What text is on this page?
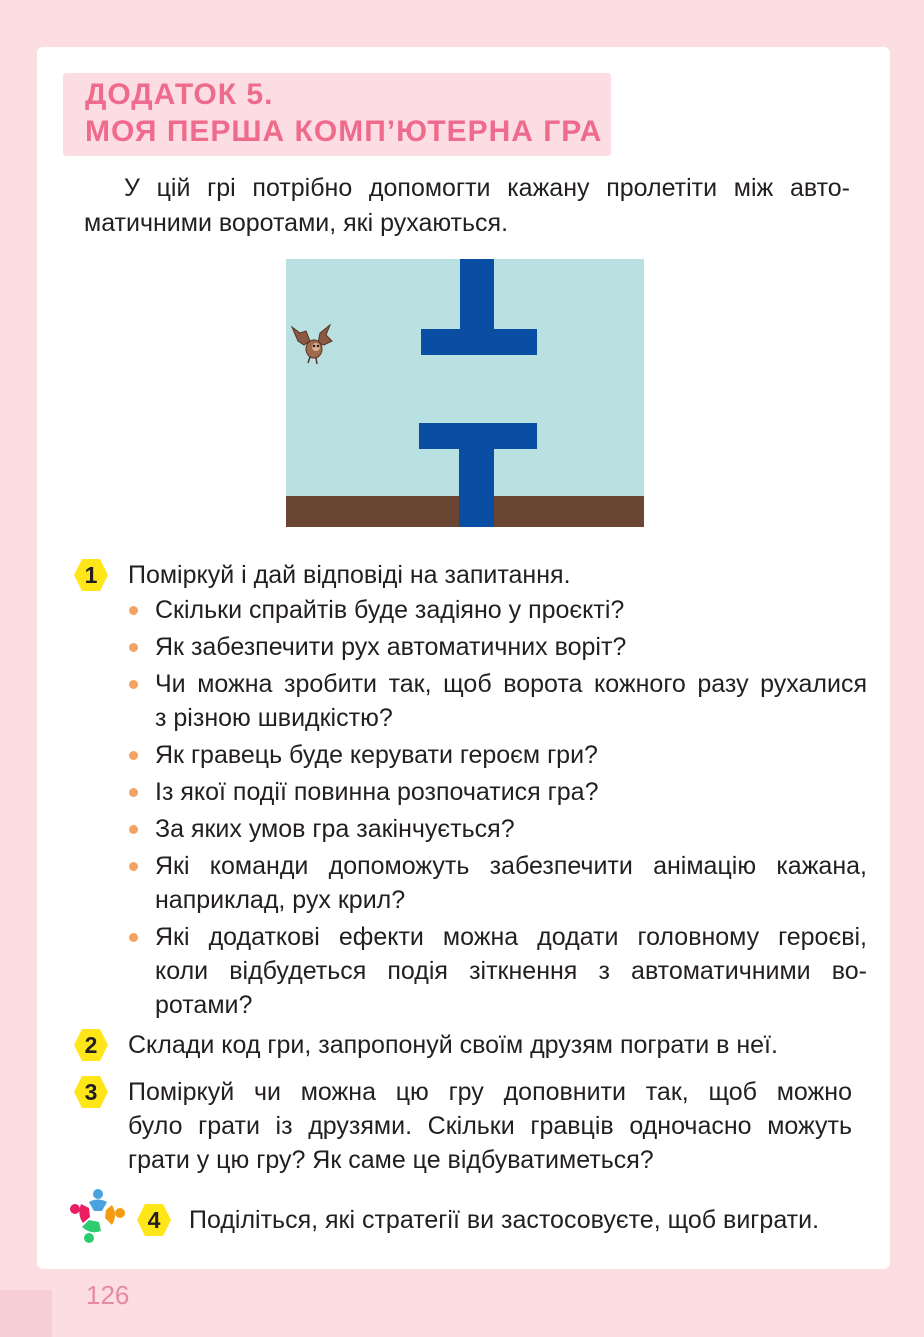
ДОДАТОК 5.
МОЯ ПЕРША КОМП’ЮТЕРНА ГРА
У цій грі потрібно допомогти кажану пролетіти між авто-
матичними воротами, які рухаються.
1	Поміркуй і дай відповіді на запитання.
Скільки спрайтів буде задіяно у проєкті?
Як забезпечити рух автоматичних воріт?
Чи можна зробити так, щоб ворота кожного разу рухалися
з різною швидкістю?
Як гравець буде керувати героєм гри?
Із якої події повинна розпочатися гра?
За яких умов гра закінчується?
Які команди допоможуть забезпечити анімацію кажана,
наприклад, рух крил?
Які додаткові ефекти можна додати головному героєві,
коли відбудеться подія зіткнення з автоматичними во-
ротами?
2	Склади код гри, запропонуй своїм друзям пограти в неї.
3	Поміркуй чи можна цю гру доповнити так, щоб можно
було грати із друзями. Скільки гравців одночасно можуть
грати у цю гру? Як саме це відбуватиметься?
4	Поділіться, які стратегії ви застосовуєте, щоб виграти.
126
